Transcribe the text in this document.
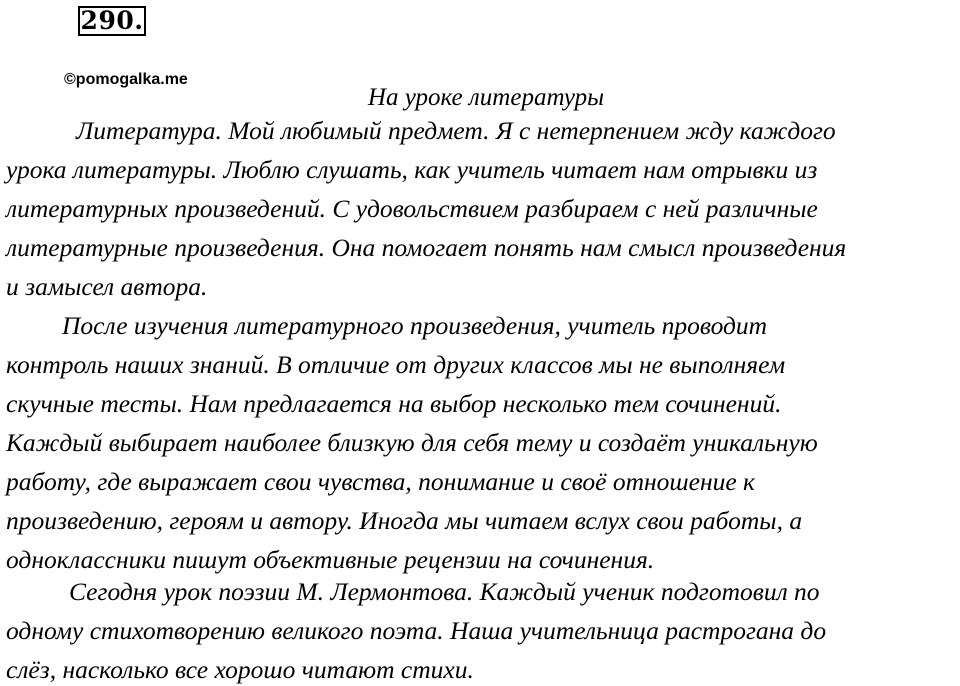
290.
©pomogalka.me
На уроке литературы
Литература. Мой любимый предмет. Я с нетерпением жду каждого
урока литературы. Люблю слушать, как учитель читает нам отрывки из
литературных произведений. С удовольствием разбираем с ней различные
литературные произведения. Она помогает понять нам смысл произведения
и замысел автора.
После изучения литературного произведения, учитель проводит
контроль наших знаний. В отличие от других классов мы не выполняем
скучные тесты. Нам предлагается на выбор несколько тем сочинений.
Каждый выбирает наиболее близкую для себя тему и создаёт уникальную
работу, где выражает свои чувства, понимание и своё отношение к
произведению, героям и автору. Иногда мы читаем вслух свои работы, а
одноклассники пишут объективные рецензии на сочинения.
Сегодня урок поэзии М. Лермонтова. Каждый ученик подготовил по
одному стихотворению великого поэта. Наша учительница растрогана до
слёз, насколько все хорошо читают стихи.
